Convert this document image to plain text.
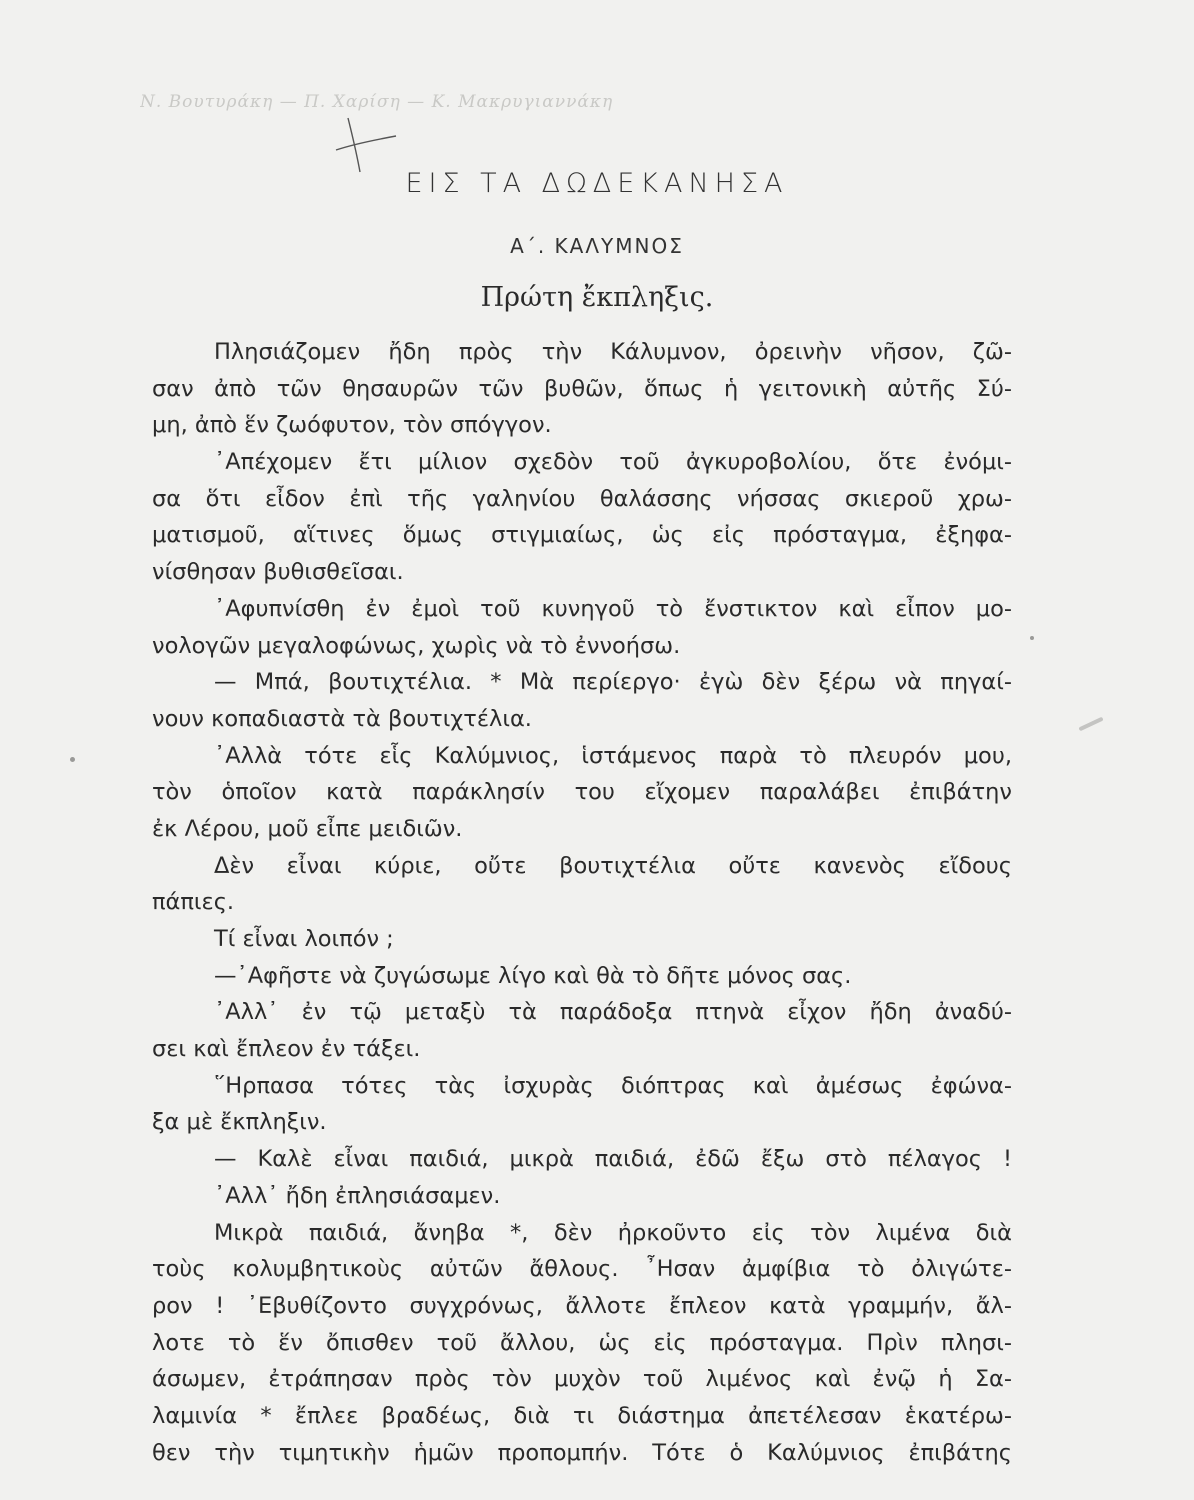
Ν. Βουτυράκη — Π. Χαρίση — Κ. Μακρυγιαννάκη
ΕΙΣ ΤΑ ΔΩΔΕΚΑΝΗΣΑ
Α΄. ΚΑΛΥΜΝΟΣ
Πρώτη ἔκπληξις.
Πλησιάζομεν ἤδη πρὸς τὴν Κάλυμνον, ὀρεινὴν νῆσον, ζῶ-
σαν ἀπὸ τῶν θησαυρῶν τῶν βυθῶν, ὅπως ἡ γειτονικὴ αὐτῆς Σύ-
μη, ἀπὸ ἕν ζωόφυτον, τὸν σπόγγον.
᾿Απέχομεν ἔτι μίλιον σχεδὸν τοῦ ἀγκυροβολίου, ὅτε ἐνόμι-
σα ὅτι εἶδον ἐπὶ τῆς γαληνίου θαλάσσης νήσσας σκιεροῦ χρω-
ματισμοῦ, αἵτινες ὅμως στιγμιαίως, ὡς εἰς πρόσταγμα, ἐξηφα-
νίσθησαν βυθισθεῖσαι.
᾿Αφυπνίσθη ἐν ἐμοὶ τοῦ κυνηγοῦ τὸ ἔνστικτον καὶ εἶπον μο-
νολογῶν μεγαλοφώνως, χωρὶς νὰ τὸ ἐννοήσω.
— Μπά, βουτιχτέλια. * Μὰ περίεργο· ἐγὼ δὲν ξέρω νὰ πηγαί-
νουν κοπαδιαστὰ τὰ βουτιχτέλια.
᾿Αλλὰ τότε εἷς Καλύμνιος, ἱστάμενος παρὰ τὸ πλευρόν μου,
τὸν ὁποῖον κατὰ παράκλησίν του εἴχομεν παραλάβει ἐπιβάτην
ἐκ Λέρου, μοῦ εἶπε μειδιῶν.
Δὲν εἶναι κύριε, οὔτε βουτιχτέλια οὔτε κανενὸς εἴδους
πάπιες.
Τί εἶναι λοιπόν ;
—᾿Αφῆστε νὰ ζυγώσωμε λίγο καὶ θὰ τὸ δῆτε μόνος σας.
᾿Αλλ᾿ ἐν τῷ μεταξὺ τὰ παράδοξα πτηνὰ εἶχον ἤδη ἀναδύ-
σει καὶ ἔπλεον ἐν τάξει.
῞Ηρπασα τότες τὰς ἰσχυρὰς διόπτρας καὶ ἀμέσως ἐφώνα-
ξα μὲ ἔκπληξιν.
— Καλὲ εἶναι παιδιά, μικρὰ παιδιά, ἐδῶ ἔξω στὸ πέλαγος !
᾿Αλλ᾿ ἤδη ἐπλησιάσαμεν.
Μικρὰ παιδιά, ἄνηβα *, δὲν ἠρκοῦντο εἰς τὸν λιμένα διὰ
τοὺς κολυμβητικοὺς αὐτῶν ἄθλους. ῏Ησαν ἀμφίβια τὸ ὀλιγώτε-
ρον ! ᾿Εβυθίζοντο συγχρόνως, ἄλλοτε ἔπλεον κατὰ γραμμήν, ἄλ-
λοτε τὸ ἕν ὄπισθεν τοῦ ἄλλου, ὡς εἰς πρόσταγμα. Πρὶν πλησι-
άσωμεν, ἐτράπησαν πρὸς τὸν μυχὸν τοῦ λιμένος καὶ ἐνῷ ἡ Σα-
λαμινία * ἔπλεε βραδέως, διὰ τι διάστημα ἀπετέλεσαν ἑκατέρω-
θεν τὴν τιμητικὴν ἡμῶν προπομπήν. Τότε ὁ Καλύμνιος ἐπιβάτης
